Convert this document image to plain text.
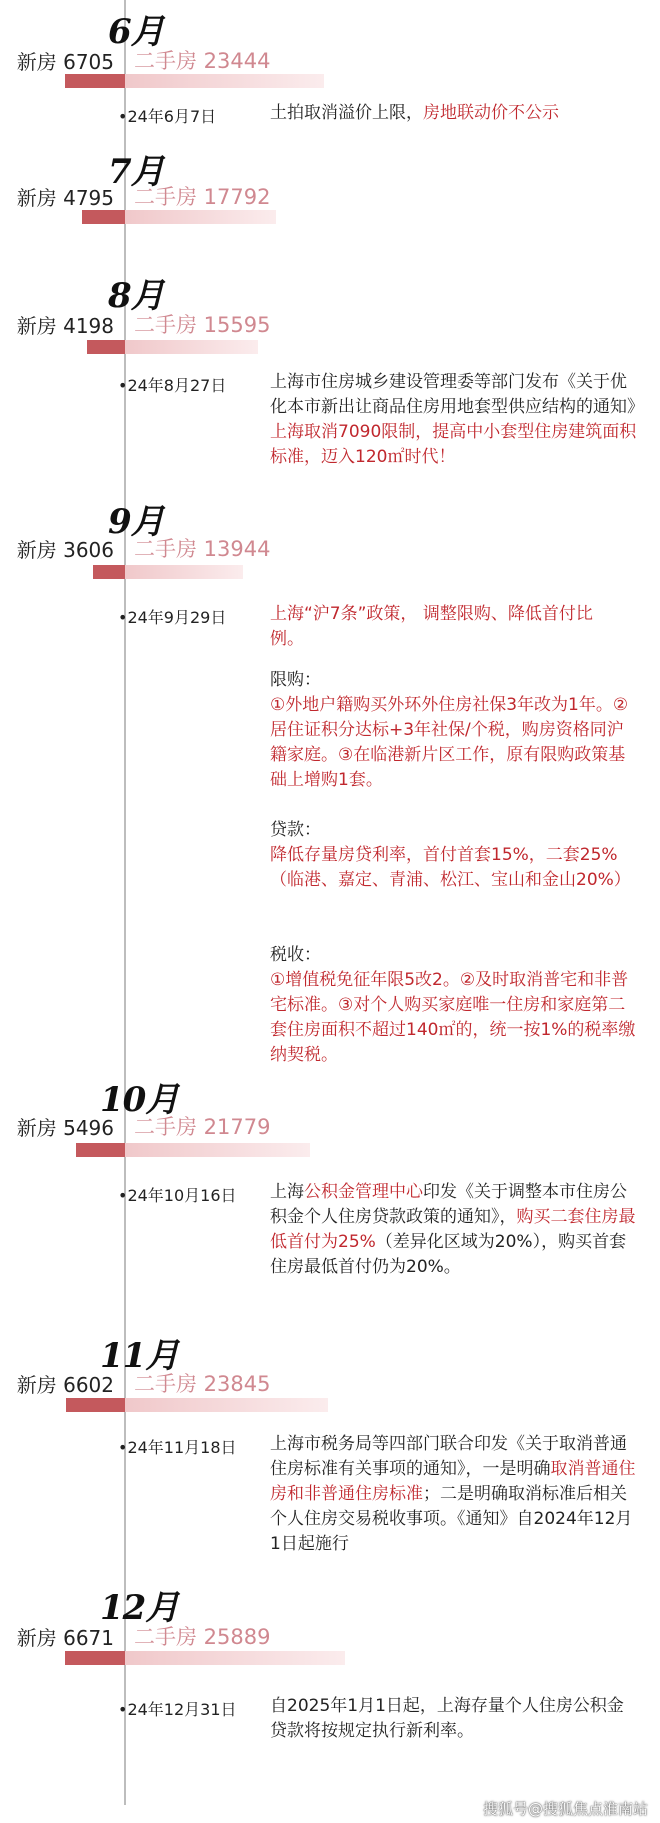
6月
新房 6705 二手房 23444
•24年6月7日	土拍取消溢价上限，房地联动价不公示
7月
新房 4795 二手房 17792
8月
新房 4198 二手房 15595
•24年8月27日	上海市住房城乡建设管理委等部门发布《关于优化本市新出让商品住房用地套型供应结构的通知》上海取消7090限制，提高中小套型住房建筑面积标准，迈入120㎡时代！
9月
新房 3606 二手房 13944
•24年9月29日	上海“沪7条”政策， 调整限购、降低首付比例。
限购：
①外地户籍购买外环外住房社保3年改为1年。②居住证积分达标+3年社保/个税，购房资格同沪籍家庭。③在临港新片区工作，原有限购政策基础上增购1套。
贷款：
降低存量房贷利率，首付首套15%，二套25%（临港、嘉定、青浦、松江、宝山和金山20%）
税收：
①增值税免征年限5改2。②及时取消普宅和非普宅标准。③对个人购买家庭唯一住房和家庭第二套住房面积不超过140㎡的，统一按1%的税率缴纳契税。
10月
新房 5496 二手房 21779
•24年10月16日 上海公积金管理中心印发《关于调整本市住房公积金个人住房贷款政策的通知》，购买二套住房最低首付为25%（差异化区域为20%），购买首套住房最低首付仍为20%。
11月
新房 6602 二手房 23845
•24年11月18日 上海市税务局等四部门联合印发《关于取消普通住房标准有关事项的通知》，一是明确取消普通住房和非普通住房标准；二是明确取消标准后相关个人住房交易税收事项。《通知》自2024年12月1日起施行
12月
新房 6671 二手房 25889
•24年12月31日 自2025年1月1日起，上海存量个人住房公积金贷款将按规定执行新利率。
搜狐号@搜狐焦点淮南站
